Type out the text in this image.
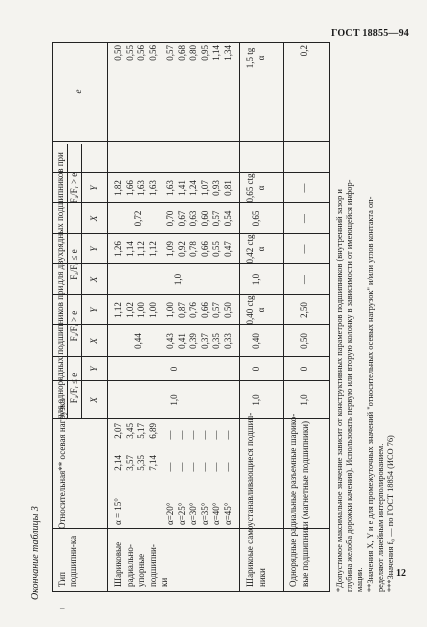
ГОСТ 18855—94
Окончание таблицы 3 Тип подшипни-ка
Относительная** осевая нагрузка
для однорядных подшипников при
для двухрядных подшипников при
Fₐ/Fᵣ ≤ e
Fₐ/Fᵣ > e
Fₐ/Fᵣ ≤ e
Fₐ/Fᵣ > e
X
Y
X
Y
X
Y
X
Y
e
Шариковые радиально- упорные подшипни- ки
α = 15°
2,14 3,57 5,35 7,14
2,07 3,45 5,17 6,89
α=20° α=25° α=30° α=35° α=40° α=45°
— — — — — —
— — — — — —
1,0
0
0,44
1,12 1,02 1,00 1,00
0,43 0,41 0,39 0,37 0,35 0,33
1,00 0,87 0,76 0,66 0,57 0,50
1,0
1,26 1,14 1,12 1,12 1,09 0,92 0,78 0,66 0,55 0,47
0,72
1,82 1,66 1,63 1,63
0,70 0,67 0,63 0,60 0,57 0,54
1,63 1,41 1,24 1,07 0,93 0,81
0,50 0,55 0,56 0,56 0,57 0,68 0,80 0,95 1,14 1,34
Шарикоые самоустанавливающиеся подшип- ники
1,0
0
0,40
0,40 ctg α
1,0
0,42 ctg α
0,65
0,65 ctg α
1,5 tg α
Однорядные радиальные разъемные шарико- вые подшипники (магнетные подшипники)
1,0
0
0,50
2,50
—
—
—
—
0,2
*Допустимое максимальное значение зависит от конструктивных параметров подшипников (внутренний зазор и глубина желоба дорожки качения). Использовать первую или вторую колонку в зависимости от имеющейся инфор- мации. **Значения X, Y и e для промежуточных значений "относительных осевых нагрузок" и/или углов контакта оп- ределяют линейным интерполированием. ***Значения f₀ — по ГОСТ 18854 (ИСО 76) 12
–
